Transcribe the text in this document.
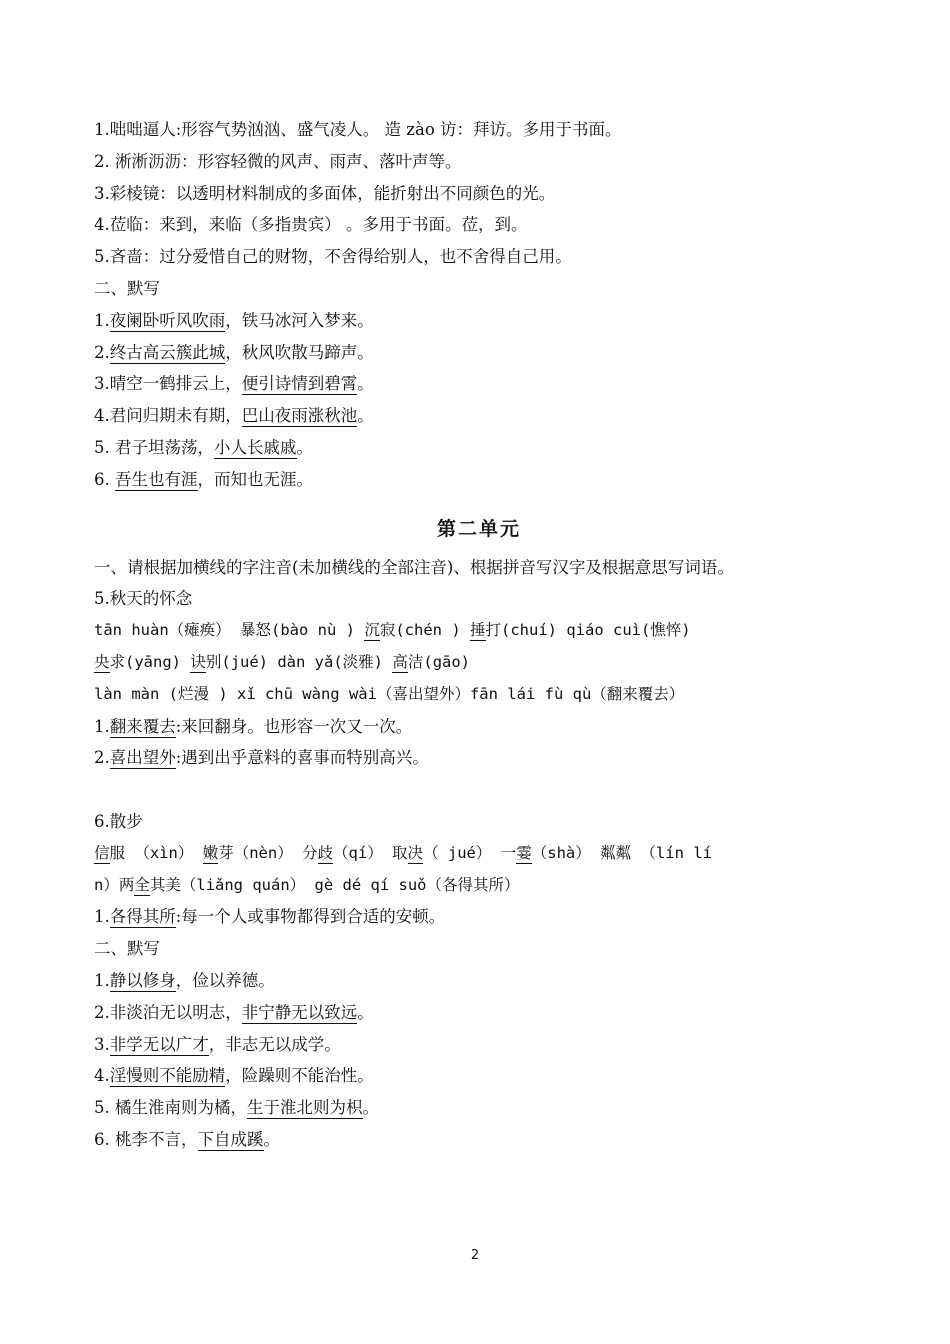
1.咄咄逼人:形容气势汹汹、盛气凌人。 造 zào 访：拜访。多用于书面。
2. 淅淅沥沥：形容轻微的风声、雨声、落叶声等。
3.彩棱镜：以透明材料制成的多面体，能折射出不同颜色的光。
4.莅临：来到，来临（多指贵宾） 。多用于书面。莅，到。
5.吝啬：过分爱惜自己的财物，不舍得给别人，也不舍得自己用。
二、默写
1.夜阑卧听风吹雨，铁马冰河入梦来。
2.终古高云簇此城，秋风吹散马蹄声。
3.晴空一鹤排云上，便引诗情到碧霄。
4.君问归期未有期，巴山夜雨涨秋池。
5. 君子坦荡荡，小人长戚戚。
6. 吾生也有涯，而知也无涯。
第二单元
一、请根据加横线的字注音(未加横线的全部注音)、根据拼音写汉字及根据意思写词语。
5.秋天的怀念
tān huàn（瘫痪） 暴怒(bào nù ) 沉寂(chén ) 捶打(chuí) qiáo cuì(憔悴)
央求(yāng) 诀别(jué) dàn yǎ(淡雅) 高洁(gāo)
làn màn (烂漫 ) xǐ chū wàng wài（喜出望外）fān lái fù qù（翻来覆去）
1.翻来覆去:来回翻身。也形容一次又一次。
2.喜出望外:遇到出乎意料的喜事而特别高兴。
6.散步
信服 （xìn） 嫩芽（nèn） 分歧（qí） 取决（ jué） 一霎（shà） 粼粼 （lín lí
n）两全其美（liǎng quán） gè dé qí suǒ（各得其所）
1.各得其所:每一个人或事物都得到合适的安顿。
二、默写
1.静以修身，俭以养德。
2.非淡泊无以明志，非宁静无以致远。
3.非学无以广才，非志无以成学。
4.淫慢则不能励精，险躁则不能治性。
5. 橘生淮南则为橘，生于淮北则为枳。
6. 桃李不言，下自成蹊。
2
